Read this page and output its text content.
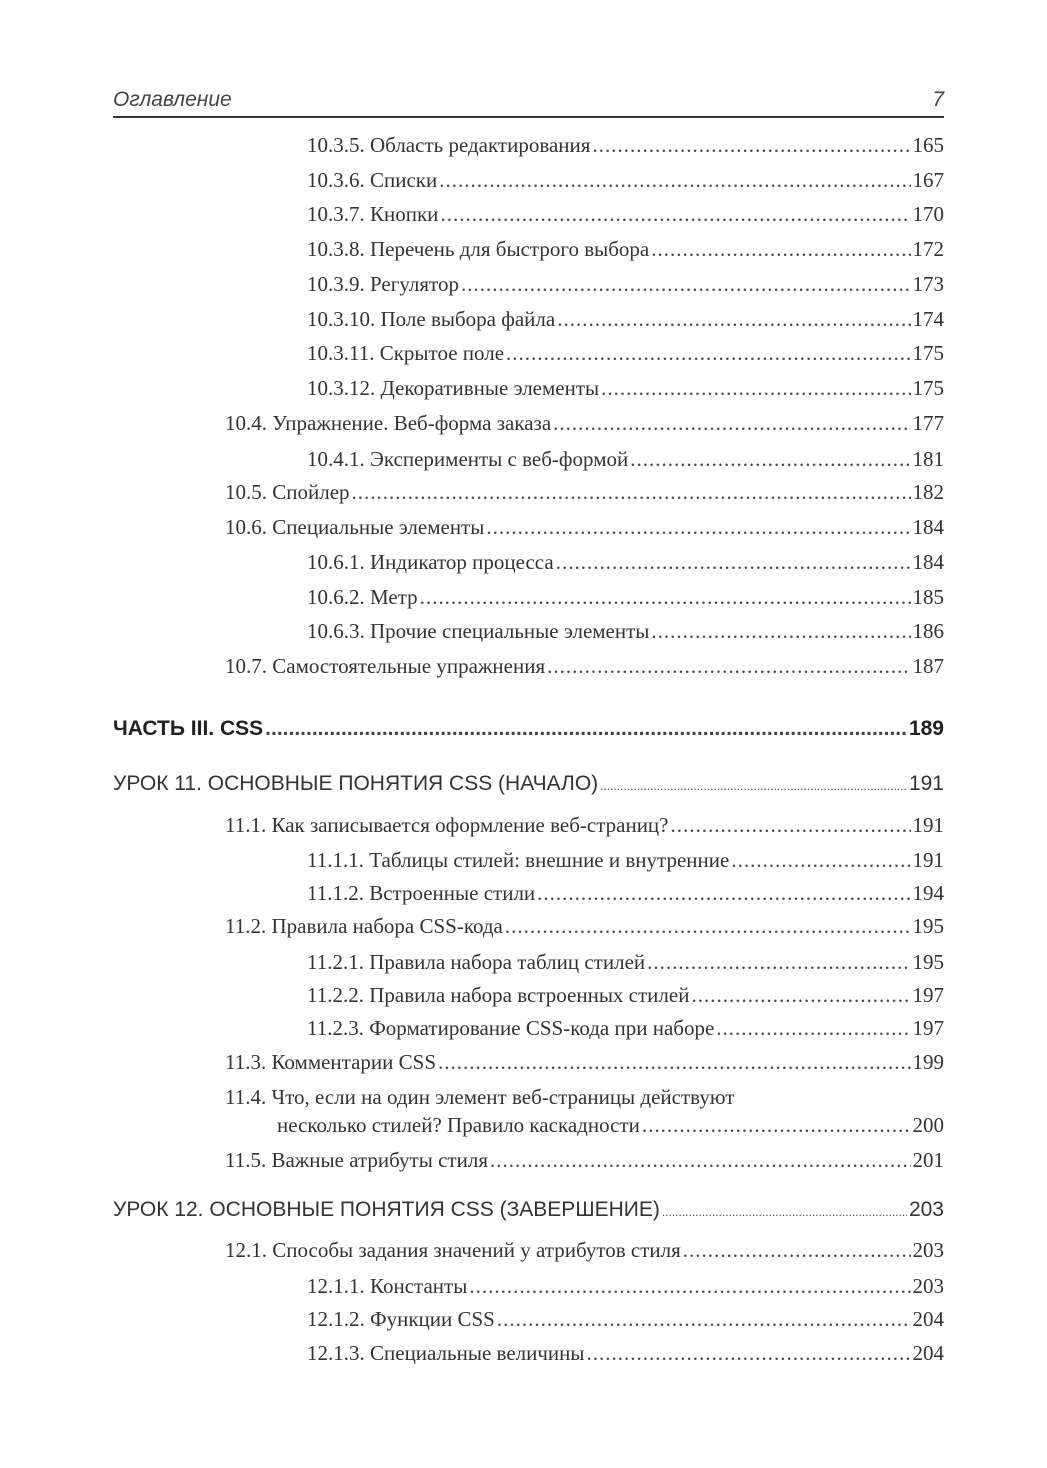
Оглавление	7
10.3.5. Область редактирования .....	165
10.3.6. Списки .....	167
10.3.7. Кнопки .....	170
10.3.8. Перечень для быстрого выбора .....	172
10.3.9. Регулятор .....	173
10.3.10. Поле выбора файла .....	174
10.3.11. Скрытое поле .....	175
10.3.12. Декоративные элементы .....	175
10.4. Упражнение. Веб-форма заказа .....	177
10.4.1. Эксперименты с веб-формой .....	181
10.5. Спойлер .....	182
10.6. Специальные элементы .....	184
10.6.1. Индикатор процесса .....	184
10.6.2. Метр .....	185
10.6.3. Прочие специальные элементы .....	186
10.7. Самостоятельные упражнения .....	187
ЧАСТЬ III. CSS .....	189
УРОК 11. ОСНОВНЫЕ ПОНЯТИЯ CSS (НАЧАЛО) .....	191
11.1. Как записывается оформление веб-страниц? .....	191
11.1.1. Таблицы стилей: внешние и внутренние .....	191
11.1.2. Встроенные стили .....	194
11.2. Правила набора CSS-кода .....	195
11.2.1. Правила набора таблиц стилей .....	195
11.2.2. Правила набора встроенных стилей .....	197
11.2.3. Форматирование CSS-кода при наборе .....	197
11.3. Комментарии CSS .....	199
11.4. Что, если на один элемент веб-страницы действуют
несколько стилей? Правило каскадности .....	200
11.5. Важные атрибуты стиля .....	201
УРОК 12. ОСНОВНЫЕ ПОНЯТИЯ CSS (ЗАВЕРШЕНИЕ) .....	203
12.1. Способы задания значений у атрибутов стиля .....	203
12.1.1. Константы .....	203
12.1.2. Функции CSS .....	204
12.1.3. Специальные величины .....	204
